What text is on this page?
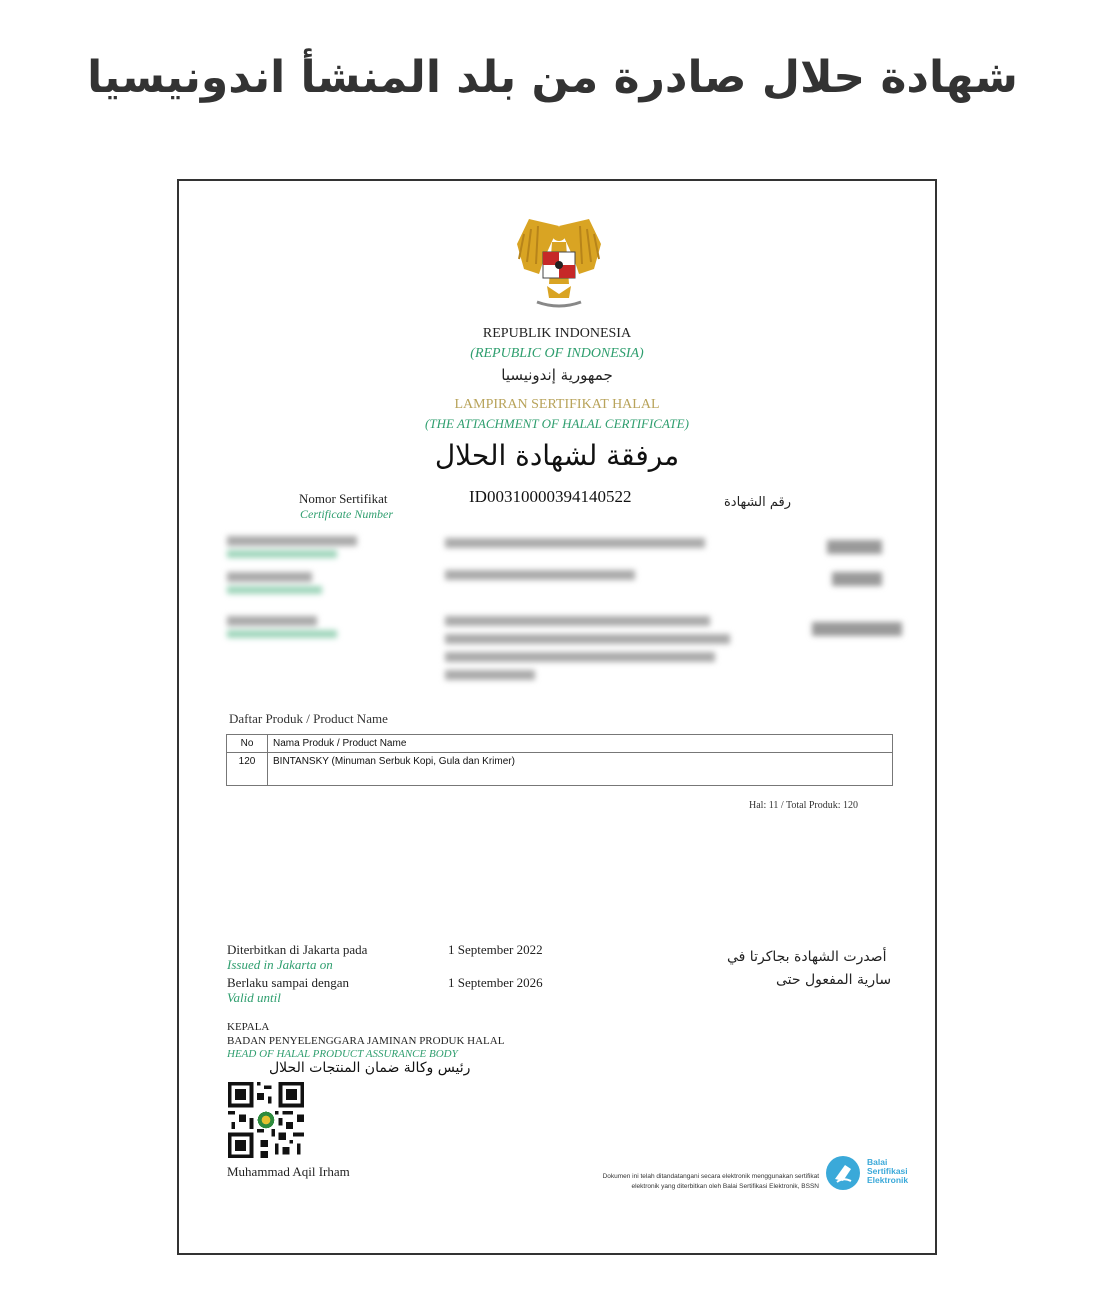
شهادة حلال صادرة من بلد المنشأ اندونيسيا
REPUBLIK INDONESIA
(REPUBLIC OF INDONESIA)
جمهورية إندونيسيا
LAMPIRAN SERTIFIKAT HALAL
(THE ATTACHMENT OF HALAL CERTIFICATE)
مرفقة لشهادة الحلال
Nomor Sertifikat
Certificate Number
ID00310000394140522	رقم الشهادة
Daftar Produk / Product Name
No	Nama Produk / Product Name
120	BINTANSKY (Minuman Serbuk Kopi, Gula dan Krimer)
Hal: 11 / Total Produk: 120
Diterbitkan di Jakarta pada
Issued in Jakarta on
1 September 2022	أصدرت الشهادة بجاكرتا في
Berlaku sampai dengan
Valid until
1 September 2026	سارية المفعول حتى
KEPALA
BADAN PENYELENGGARA JAMINAN PRODUK HALAL
HEAD OF HALAL PRODUCT ASSURANCE BODY
رئيس وكالة ضمان المنتجات الحلال
Muhammad Aqil Irham	Dokumen ini telah ditandatangani secara elektronik menggunakan sertifikat
elektronik yang diterbitkan oleh Balai Sertifikasi Elektronik, BSSN
Balai
Sertifikasi
Elektronik
